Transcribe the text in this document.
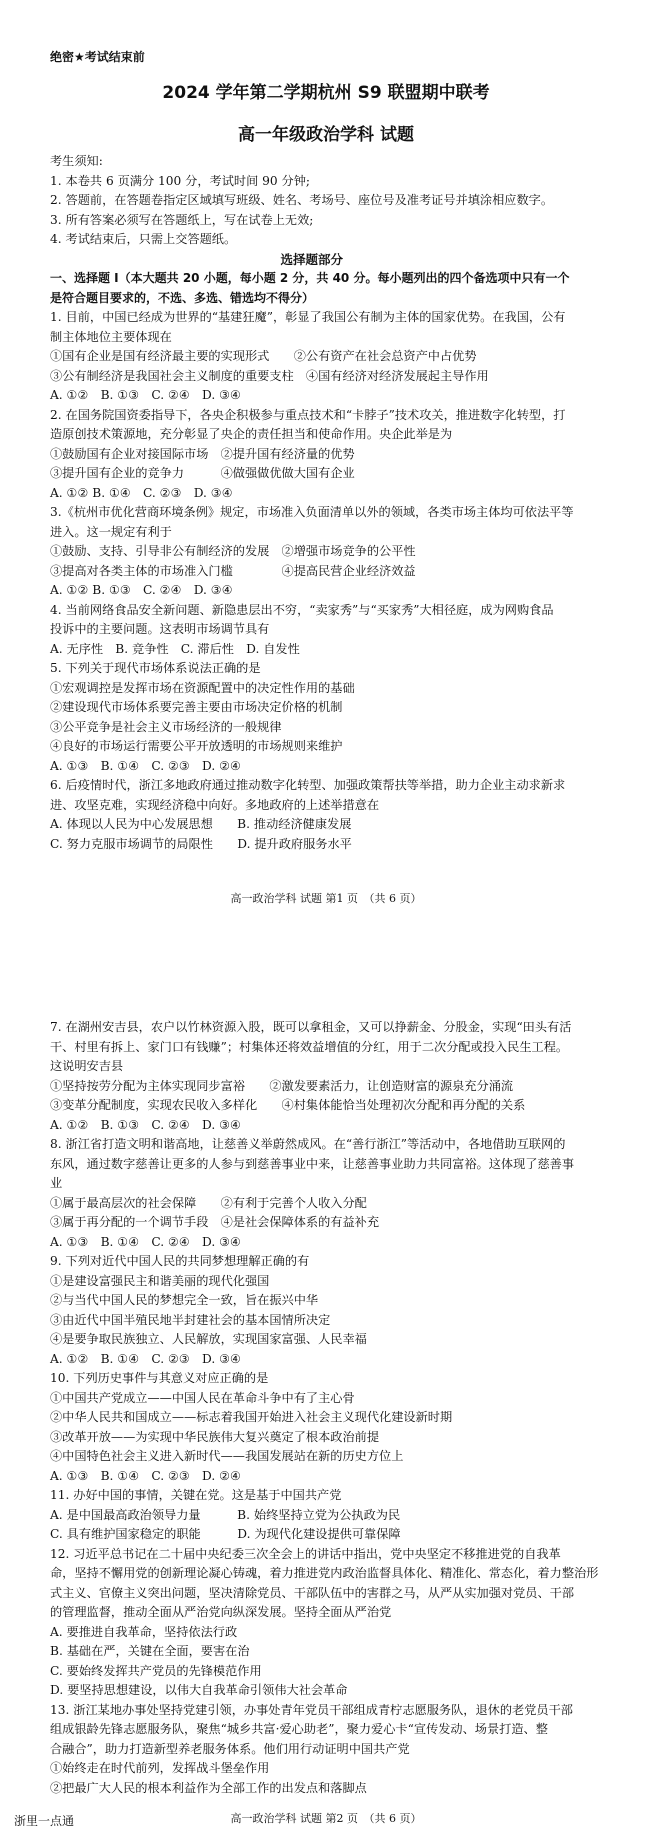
绝密★考试结束前
2024 学年第二学期杭州 S9 联盟期中联考
高一年级政治学科 试题
考生须知:
1. 本卷共 6 页满分 100 分，考试时间 90 分钟;
2. 答题前，在答题卷指定区域填写班级、姓名、考场号、座位号及准考证号并填涂相应数字。
3. 所有答案必须写在答题纸上，写在试卷上无效;
4. 考试结束后，只需上交答题纸。
选择题部分
一、选择题 I（本大题共 20 小题，每小题 2 分，共 40 分。每小题列出的四个备选项中只有一个
是符合题目要求的，不选、多选、错选均不得分）
1. 目前，中国已经成为世界的“基建狂魔”，彰显了我国公有制为主体的国家优势。在我国，公有
制主体地位主要体现在
①国有企业是国有经济最主要的实现形式　　②公有资产在社会总资产中占优势
③公有制经济是我国社会主义制度的重要支柱　④国有经济对经济发展起主导作用
A. ①②　B. ①③　C. ②④　D. ③④
2. 在国务院国资委指导下，各央企积极参与重点技术和“卡脖子”技术攻关，推进数字化转型，打
造原创技术策源地，充分彰显了央企的责任担当和使命作用。央企此举是为
①鼓励国有企业对接国际市场　②提升国有经济量的优势
③提升国有企业的竞争力　　　④做强做优做大国有企业
A. ①② B. ①④　C. ②③　D. ③④
3.《杭州市优化营商环境条例》规定，市场准入负面清单以外的领域，各类市场主体均可依法平等
进入。这一规定有利于
①鼓励、支持、引导非公有制经济的发展　②增强市场竞争的公平性
③提高对各类主体的市场准入门槛　　　　④提高民营企业经济效益
A. ①② B. ①③　C. ②④　D. ③④
4. 当前网络食品安全新问题、新隐患层出不穷，“卖家秀”与“买家秀”大相径庭，成为网购食品
投诉中的主要问题。这表明市场调节具有
A. 无序性　B. 竞争性　C. 滞后性　D. 自发性
5. 下列关于现代市场体系说法正确的是
①宏观调控是发挥市场在资源配置中的决定性作用的基础
②建设现代市场体系要完善主要由市场决定价格的机制
③公平竞争是社会主义市场经济的一般规律
④良好的市场运行需要公平开放透明的市场规则来维护
A. ①③　B. ①④　C. ②③　D. ②④
6. 后疫情时代，浙江多地政府通过推动数字化转型、加强政策帮扶等举措，助力企业主动求新求
进、攻坚克难，实现经济稳中向好。多地政府的上述举措意在
A. 体现以人民为中心发展思想　　B. 推动经济健康发展
C. 努力克服市场调节的局限性　　D. 提升政府服务水平
高一政治学科 试题 第1 页　（共 6 页）
7. 在湖州安吉县，农户以竹林资源入股，既可以拿租金，又可以挣薪金、分股金，实现“田头有活
干、村里有拆上、家门口有钱赚”；村集体还将效益增值的分红，用于二次分配或投入民生工程。
这说明安吉县
①坚持按劳分配为主体实现同步富裕　　②激发要素活力，让创造财富的源泉充分涌流
③变革分配制度，实现农民收入多样化　　④村集体能恰当处理初次分配和再分配的关系
A. ①②　B. ①③　C. ②④　D. ③④
8. 浙江省打造文明和谐高地，让慈善义举蔚然成风。在“善行浙江”等活动中，各地借助互联网的
东风，通过数字慈善让更多的人参与到慈善事业中来，让慈善事业助力共同富裕。这体现了慈善事
业
①属于最高层次的社会保障　　②有利于完善个人收入分配
③属于再分配的一个调节手段　④是社会保障体系的有益补充
A. ①③　B. ①④　C. ②④　D. ③④
9. 下列对近代中国人民的共同梦想理解正确的有
①是建设富强民主和谐美丽的现代化强国
②与当代中国人民的梦想完全一致，旨在振兴中华
③由近代中国半殖民地半封建社会的基本国情所决定
④是要争取民族独立、人民解放，实现国家富强、人民幸福
A. ①②　B. ①④　C. ②③　D. ③④
10. 下列历史事件与其意义对应正确的是
①中国共产党成立——中国人民在革命斗争中有了主心骨
②中华人民共和国成立——标志着我国开始进入社会主义现代化建设新时期
③改革开放——为实现中华民族伟大复兴奠定了根本政治前提
④中国特色社会主义进入新时代——我国发展站在新的历史方位上
A. ①③　B. ①④　C. ②③　D. ②④
11. 办好中国的事情，关键在党。这是基于中国共产党
A. 是中国最高政治领导力量　　　B. 始终坚持立党为公执政为民
C. 具有维护国家稳定的职能　　　D. 为现代化建设提供可靠保障
12. 习近平总书记在二十届中央纪委三次全会上的讲话中指出，党中央坚定不移推进党的自我革
命，坚持不懈用党的创新理论凝心铸魂，着力推进党内政治监督具体化、精准化、常态化，着力整治形
式主义、官僚主义突出问题，坚决清除党员、干部队伍中的害群之马，从严从实加强对党员、干部
的管理监督，推动全面从严治党向纵深发展。坚持全面从严治党
A. 要推进自我革命，坚持依法行政
B. 基础在严，关键在全面，要害在治
C. 要始终发挥共产党员的先锋模范作用
D. 要坚持思想建设，以伟大自我革命引领伟大社会革命
13. 浙江某地办事处坚持党建引领，办事处青年党员干部组成青柠志愿服务队，退休的老党员干部
组成银龄先锋志愿服务队，聚焦“城乡共富·爱心助老”，聚力爱心卡“宣传发动、场景打造、整
合融合”，助力打造新型养老服务体系。他们用行动证明中国共产党
①始终走在时代前列，发挥战斗堡垒作用
②把最广大人民的根本利益作为全部工作的出发点和落脚点
高一政治学科 试题 第2 页　（共 6 页）
浙里一点通
